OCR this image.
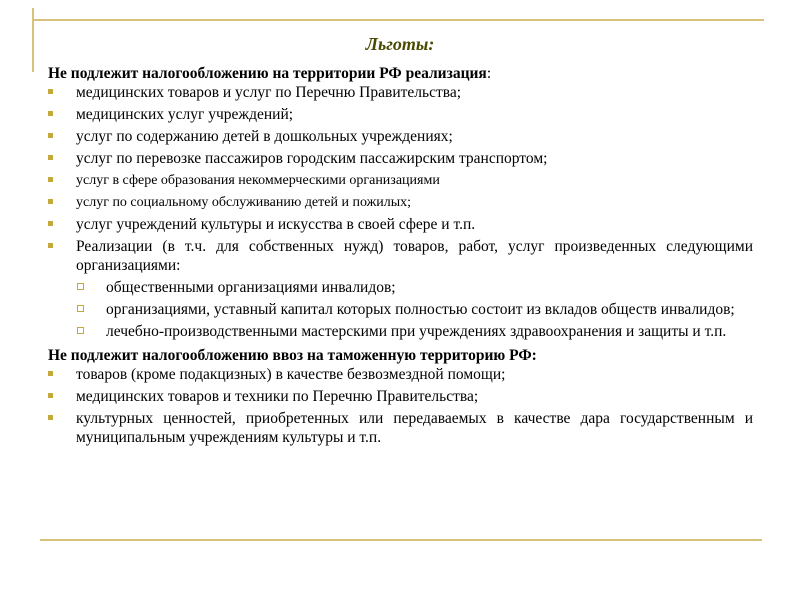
Льготы:

Не подлежит налогообложению на территории РФ реализация:

медицинских товаров и услуг по Перечню Правительства;
медицинских услуг учреждений;
услуг по содержанию детей в дошкольных учреждениях;
услуг по перевозке пассажиров городским пассажирским транспортом;
услуг в сфере образования некоммерческими организациями
услуг по социальному обслуживанию детей и пожилых;
услуг учреждений культуры и искусства в своей сфере и т.п.
Реализации (в т.ч. для собственных нужд) товаров, работ, услуг произведенных следующими организациями:
общественными организациями инвалидов;
организациями, уставный капитал которых полностью состоит из вкладов обществ инвалидов;
лечебно-производственными мастерскими при учреждениях здравоохранения и защиты и т.п.

Не подлежит налогообложению ввоз на таможенную территорию РФ:

товаров (кроме подакцизных) в качестве безвозмездной помощи;
медицинских товаров и техники по Перечню Правительства;
культурных ценностей, приобретенных или передаваемых в качестве дара государственным и муниципальным учреждениям культуры и т.п.
